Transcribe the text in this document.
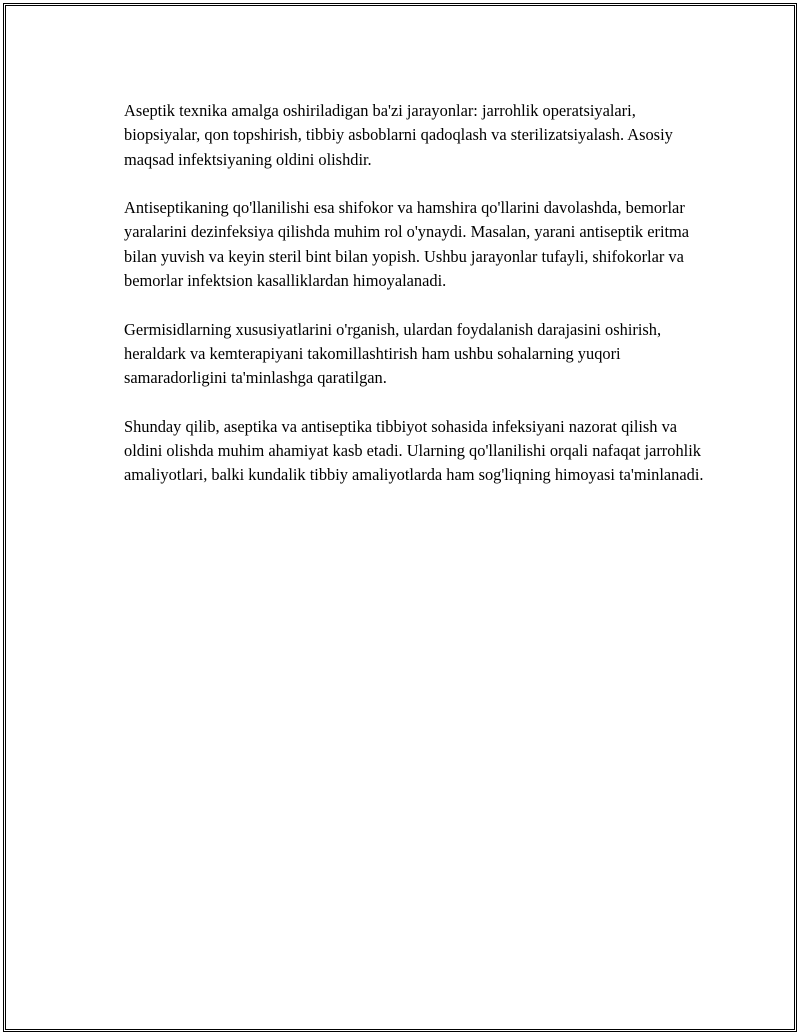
Aseptik texnika amalga oshiriladigan ba'zi jarayonlar: jarrohlik operatsiyalari, biopsiyalar, qon topshirish, tibbiy asboblarni qadoqlash va sterilizatsiyalash. Asosiy maqsad infektsiyaning oldini olishdir.

Antiseptikaning qo'llanilishi esa shifokor va hamshira qo'llarini davolashda, bemorlar yaralarini dezinfeksiya qilishda muhim rol o'ynaydi. Masalan, yarani antiseptik eritma bilan yuvish va keyin steril bint bilan yopish. Ushbu jarayonlar tufayli, shifokorlar va bemorlar infektsion kasalliklardan himoyalanadi.

Germisidlarning xususiyatlarini o'rganish, ulardan foydalanish darajasini oshirish, heraldark va kemterapiyani takomillashtirish ham ushbu sohalarning yuqori samaradorligini ta'minlashga qaratilgan.

Shunday qilib, aseptika va antiseptika tibbiyot sohasida infeksiyani nazorat qilish va oldini olishda muhim ahamiyat kasb etadi. Ularning qo'llanilishi orqali nafaqat jarrohlik amaliyotlari, balki kundalik tibbiy amaliyotlarda ham sog'liqning himoyasi ta'minlanadi.
